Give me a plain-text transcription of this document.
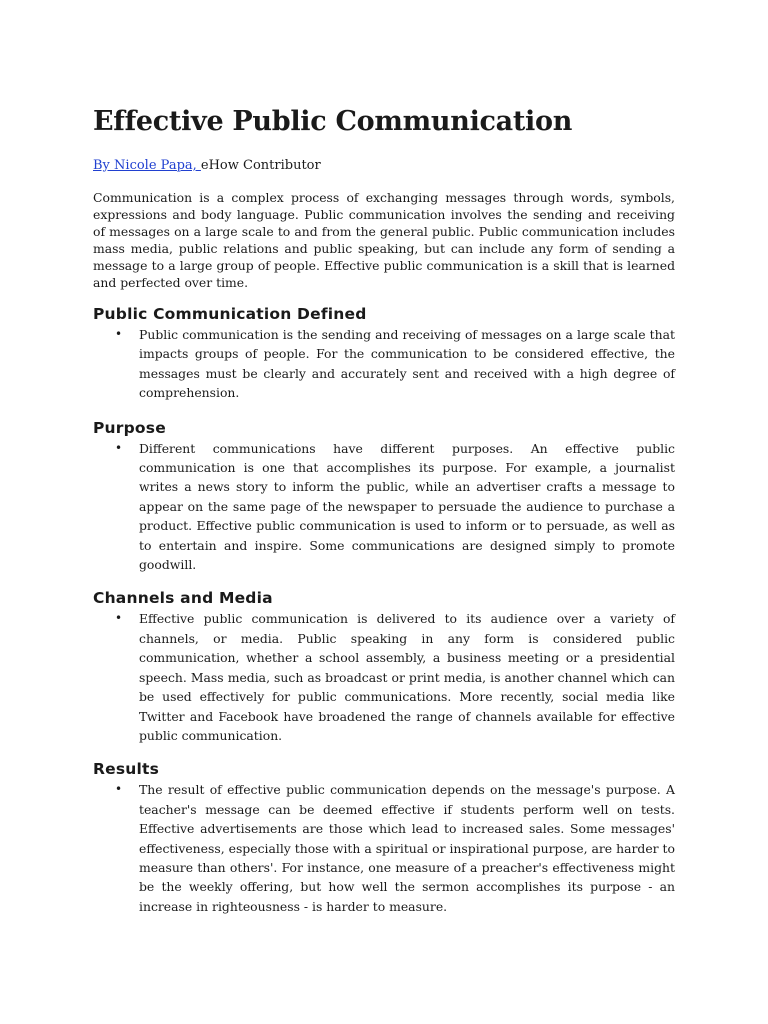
Effective Public Communication
By Nicole Papa, eHow Contributor

Communication is a complex process of exchanging messages through words, symbols, expressions and body language. Public communication involves the sending and receiving of messages on a large scale to and from the general public. Public communication includes mass media, public relations and public speaking, but can include any form of sending a message to a large group of people. Effective public communication is a skill that is learned and perfected over time.

Public Communication Defined
• Public communication is the sending and receiving of messages on a large scale that impacts groups of people. For the communication to be considered effective, the messages must be clearly and accurately sent and received with a high degree of comprehension.
Purpose
• Different communications have different purposes. An effective public communication is one that accomplishes its purpose. For example, a journalist writes a news story to inform the public, while an advertiser crafts a message to appear on the same page of the newspaper to persuade the audience to purchase a product. Effective public communication is used to inform or to persuade, as well as to entertain and inspire. Some communications are designed simply to promote goodwill.
Channels and Media
• Effective public communication is delivered to its audience over a variety of channels, or media. Public speaking in any form is considered public communication, whether a school assembly, a business meeting or a presidential speech. Mass media, such as broadcast or print media, is another channel which can be used effectively for public communications. More recently, social media like Twitter and Facebook have broadened the range of channels available for effective public communication.
Results
• The result of effective public communication depends on the message's purpose. A teacher's message can be deemed effective if students perform well on tests. Effective advertisements are those which lead to increased sales. Some messages' effectiveness, especially those with a spiritual or inspirational purpose, are harder to measure than others'. For instance, one measure of a preacher's effectiveness might be the weekly offering, but how well the sermon accomplishes its purpose - an increase in righteousness - is harder to measure.
